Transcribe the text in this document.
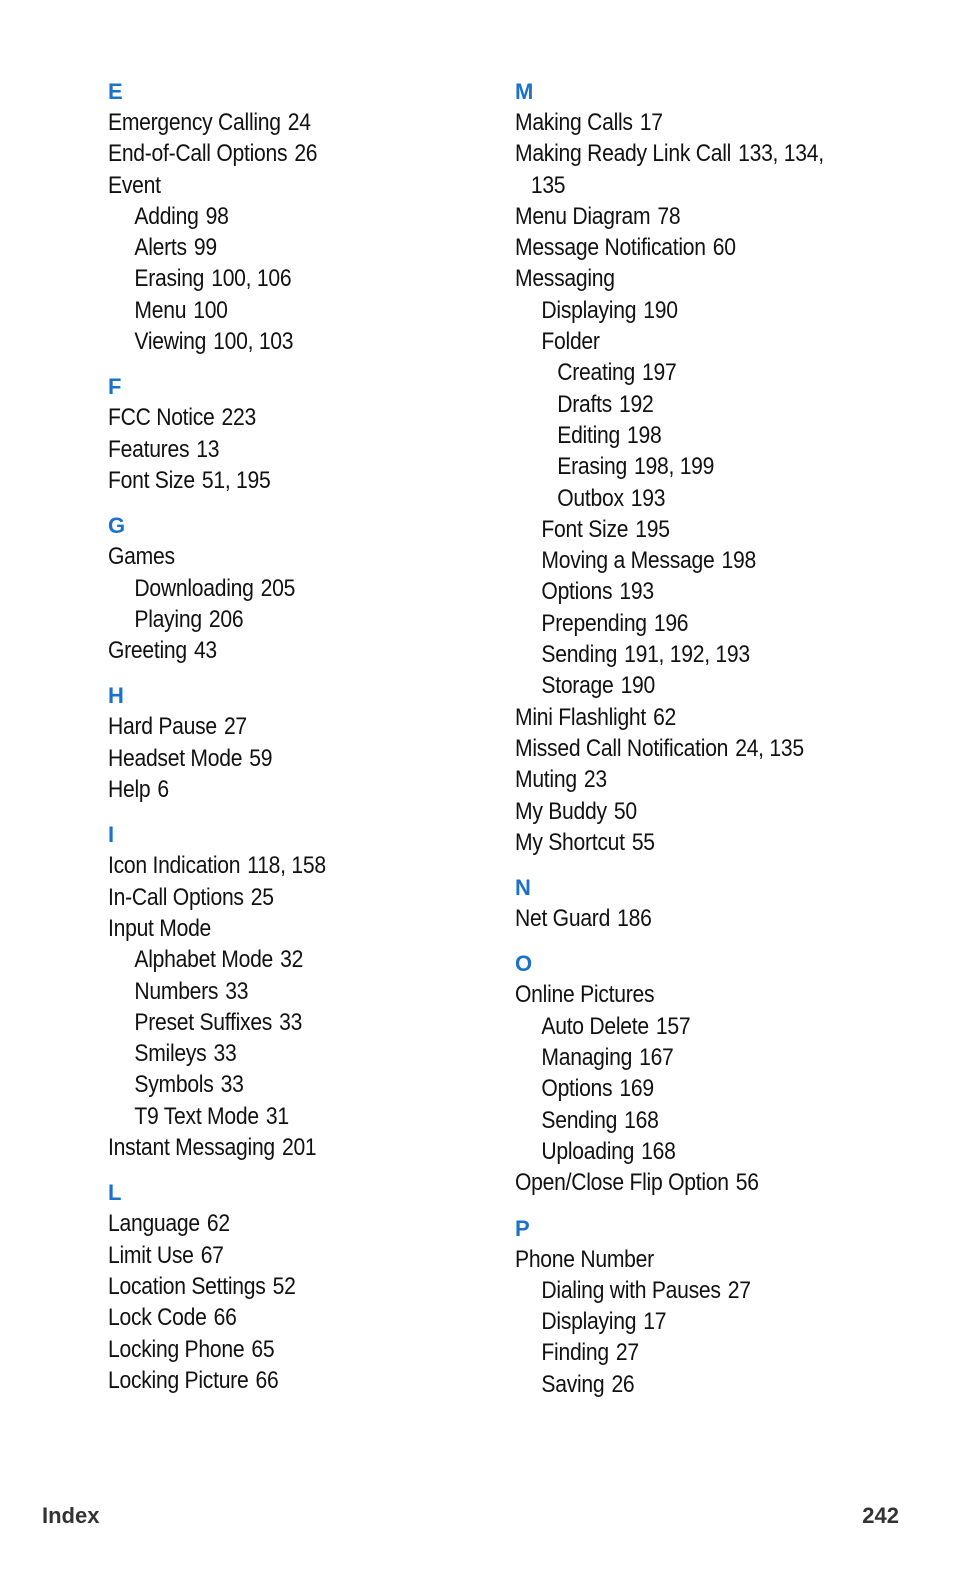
E
Emergency Calling 24
End-of-Call Options 26
Event
Adding 98
Alerts 99
Erasing 100, 106
Menu 100
Viewing 100, 103
F
FCC Notice 223
Features 13
Font Size 51, 195
G
Games
Downloading 205
Playing 206
Greeting 43
H
Hard Pause 27
Headset Mode 59
Help 6
I
Icon Indication 118, 158
In-Call Options 25
Input Mode
Alphabet Mode 32
Numbers 33
Preset Suffixes 33
Smileys 33
Symbols 33
T9 Text Mode 31
Instant Messaging 201
L
Language 62
Limit Use 67
Location Settings 52
Lock Code 66
Locking Phone 65
Locking Picture 66
M
Making Calls 17
Making Ready Link Call 133, 134,
135
Menu Diagram 78
Message Notification 60
Messaging
Displaying 190
Folder
Creating 197
Drafts 192
Editing 198
Erasing 198, 199
Outbox 193
Font Size 195
Moving a Message 198
Options 193
Prepending 196
Sending 191, 192, 193
Storage 190
Mini Flashlight 62
Missed Call Notification 24, 135
Muting 23
My Buddy 50
My Shortcut 55
N
Net Guard 186
O
Online Pictures
Auto Delete 157
Managing 167
Options 169
Sending 168
Uploading 168
Open/Close Flip Option 56
P
Phone Number
Dialing with Pauses 27
Displaying 17
Finding 27
Saving 26
Index	242
